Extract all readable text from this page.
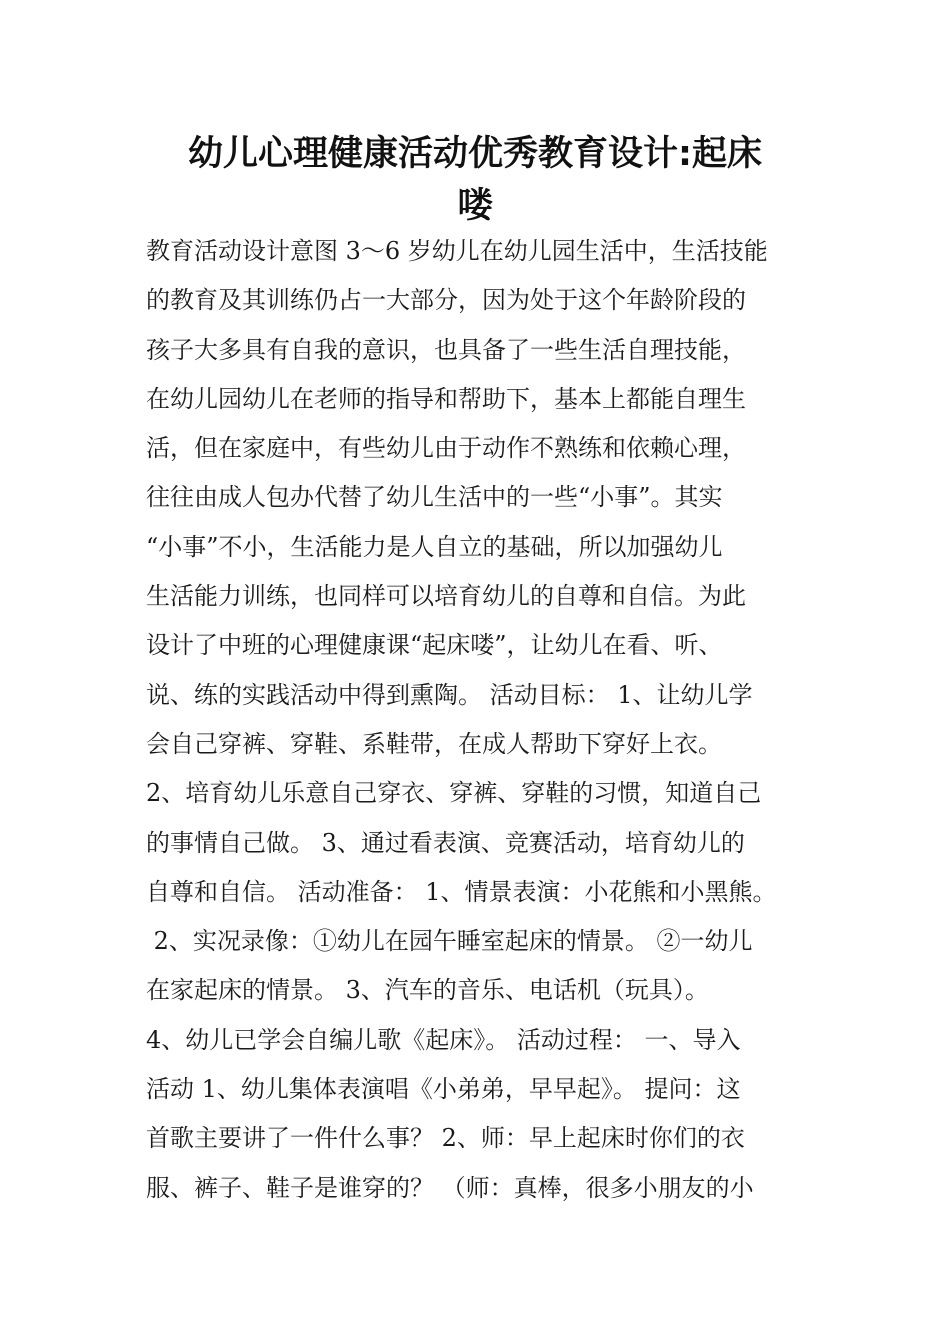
幼儿心理健康活动优秀教育设计:起床
喽
教育活动设计意图 3～6 岁幼儿在幼儿园生活中，生活技能
的教育及其训练仍占一大部分，因为处于这个年龄阶段的
孩子大多具有自我的意识，也具备了一些生活自理技能，
在幼儿园幼儿在老师的指导和帮助下，基本上都能自理生
活，但在家庭中，有些幼儿由于动作不熟练和依赖心理，
往往由成人包办代替了幼儿生活中的一些“小事”。其实
“小事”不小，生活能力是人自立的基础，所以加强幼儿
生活能力训练，也同样可以培育幼儿的自尊和自信。为此
设计了中班的心理健康课“起床喽”，让幼儿在看、听、
说、练的实践活动中得到熏陶。 活动目标： 1、让幼儿学
会自己穿裤、穿鞋、系鞋带，在成人帮助下穿好上衣。
2、培育幼儿乐意自己穿衣、穿裤、穿鞋的习惯，知道自己
的事情自己做。 3、通过看表演、竞赛活动，培育幼儿的
自尊和自信。 活动准备： 1、情景表演：小花熊和小黑熊。
2、实况录像：①幼儿在园午睡室起床的情景。 ②一幼儿
在家起床的情景。 3、汽车的音乐、电话机（玩具）。
4、幼儿已学会自编儿歌《起床》。 活动过程： 一、导入
活动 1、幼儿集体表演唱《小弟弟，早早起》。 提问：这
首歌主要讲了一件什么事？ 2、师：早上起床时你们的衣
服、裤子、鞋子是谁穿的？ （师：真棒，很多小朋友的小
